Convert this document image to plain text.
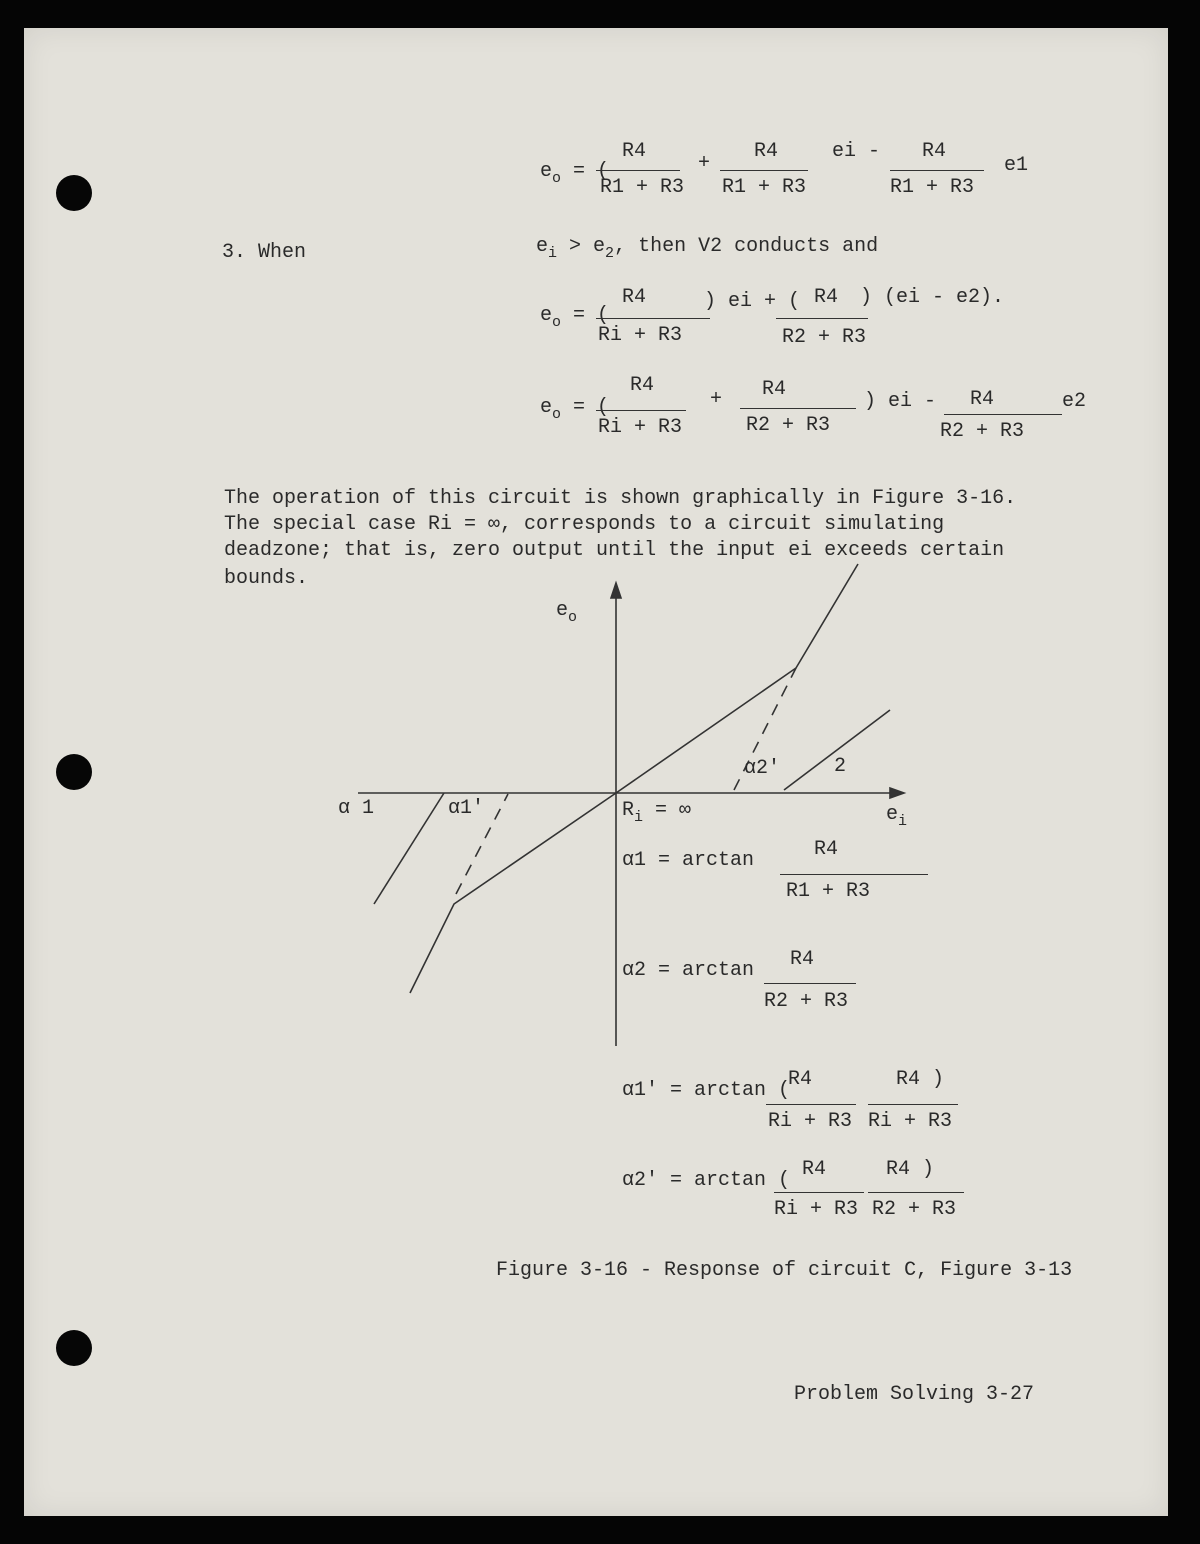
$e_o$ = (
R4
R1 + R3
+
R4
R1 + R3
ei - R4
R1 + R3
e1
3. When	$e_i > e_2$, then V2 conducts and
$e_o$ = (
R4
Ri + R3
) ei + ( R4
R2 + R3
) (ei - e2).
$e_o$ = (
R4
Ri + R3
+ R4
R2 + R3
) ei - R4
R2 + R3
e2
The operation of this circuit is shown graphically in Figure 3-16.
The special case Ri = ∞, corresponds to a circuit simulating
deadzone; that is, zero output until the input ei exceeds certain
bounds.
$e_o$
$e_i$
α 1	α1'
α2'	2
$R_i$ = ∞
α1 = arctan	R4
R1 + R3
α2 = arctan R4
R2 + R3
α1' = arctan (
R4
Ri + R3
R4 )
Ri + R3
α2' = arctan ( R4
Ri + R3
R4 )
R2 + R3
Figure 3-16 - Response of circuit C, Figure 3-13
Problem Solving 3-27
